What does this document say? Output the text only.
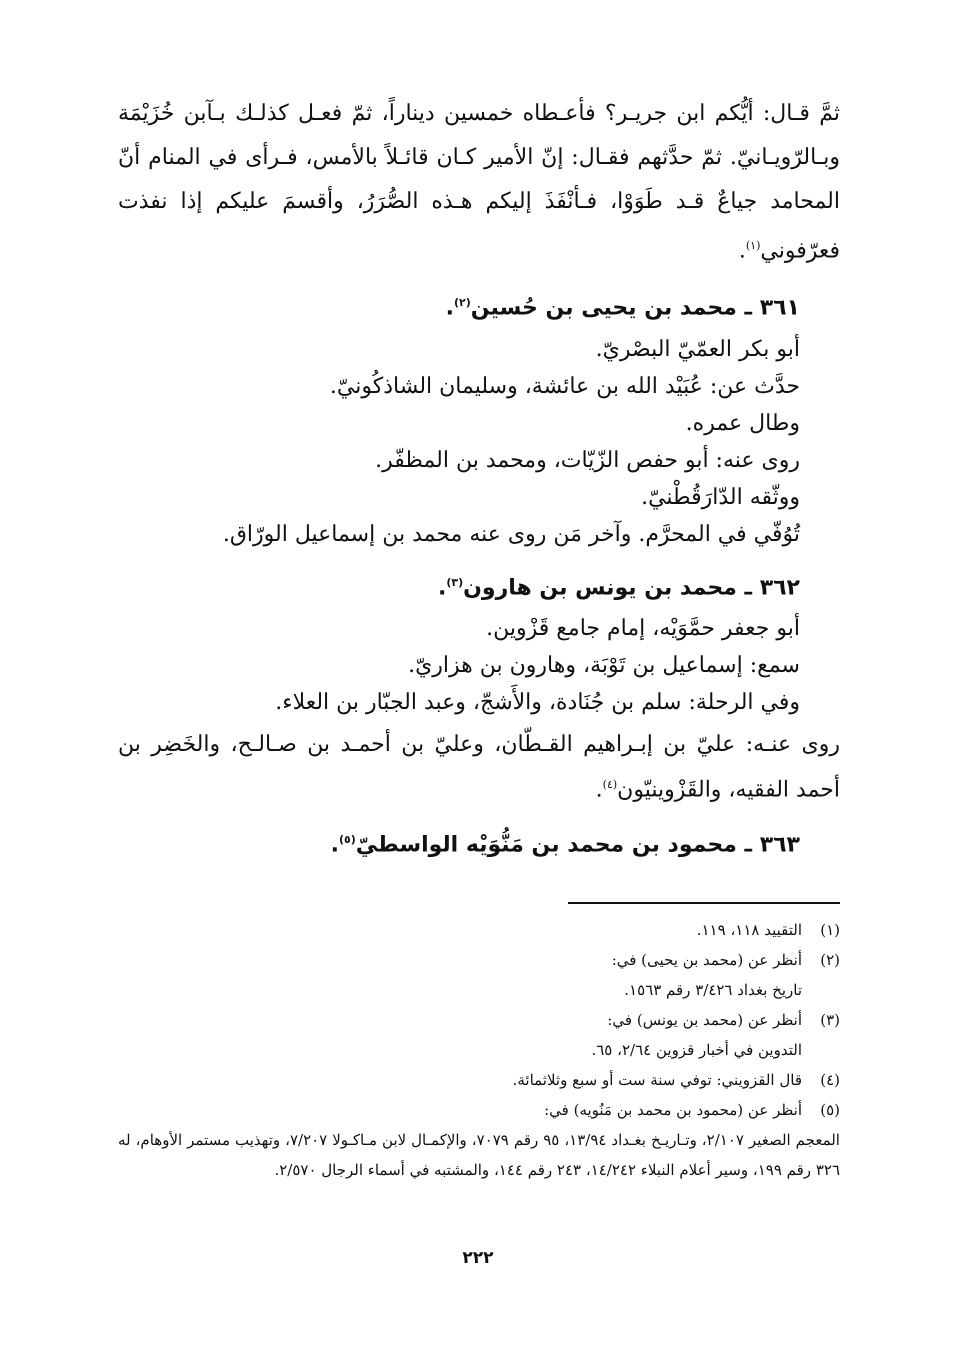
ثمَّ قـال: أيُّكم ابن جريـر؟ فأعـطاه خمسين ديناراً، ثمّ فعـل كذلـك بـآبن خُزَيْمَة وبـالرّويـانيّ. ثمّ حدَّثهم فقـال: إنّ الأمير كـان قائـلاً بالأمس، فـرأى في المنام أنّ المحامد جياعٌ قـد طَوَوْا، فـأنْفَذَ إليكم هـذه الصُّرَرُ، وأقسمَ عليكم إذا نفذت فعرّفوني$^{(١)}$.

٣٦١ ـ محمد بن يحيى بن حُسين$^{(٢)}$.
أبو بكر العمّيّ البصْريّ.
حدَّث عن: عُبَيْد الله بن عائشة، وسليمان الشاذكُونيّ.
وطال عمره.
روى عنه: أبو حفص الزّيّات، ومحمد بن المظفّر.
ووثّقه الدّارَقُطْنيّ.
تُوُفّي في المحرَّم. وآخر مَن روى عنه محمد بن إسماعيل الورّاق.
٣٦٢ ـ محمد بن يونس بن هارون$^{(٣)}$.
أبو جعفر حمَّوَيْه، إمام جامع قَزْوين.
سمع: إسماعيل بن تَوْبَة، وهارون بن هزاريّ.
وفي الرحلة: سلم بن جُنَادة، والأَشجّ، وعبد الجبّار بن العلاء.

روى عنـه: عليّ بن إبـراهيم القـطّان، وعليّ بن أحمـد بن صـالـح، والخَضِر بن أحمد الفقيه، والقَزْوينيّون$^{(٤)}$.

٣٦٣ ـ محمود بن محمد بن مَنُّوَيْه الواسطيّ$^{(٥)}$.

(١)التقييد ١١٨، ١١٩.

(٢)أنظر عن (محمد بن يحيى) في:

تاريخ بغداد ٣/٤٢٦ رقم ١٥٦٣.

(٣)أنظر عن (محمد بن يونس) في:

التدوين في أخبار قزوين ٢/٦٤، ٦٥.

(٤)قال القزويني: توفي سنة ست أو سبع وثلاثمائة.

(٥)أنظر عن (محمود بن محمد بن مَنُويه) في:

المعجم الصغير ٢/١٠٧، وتـاريـخ بغـداد ١٣/٩٤، ٩٥ رقم ٧٠٧٩، والإكمـال لابن مـاكـولا ٧/٢٠٧، وتهذيب مستمر الأوهام، له ٣٢٦ رقم ١٩٩، وسير أعلام النبلاء ١٤/٢٤٢، ٢٤٣ رقم ١٤٤، والمشتبه في أسماء الرجال ٢/٥٧٠.

٢٢٢
